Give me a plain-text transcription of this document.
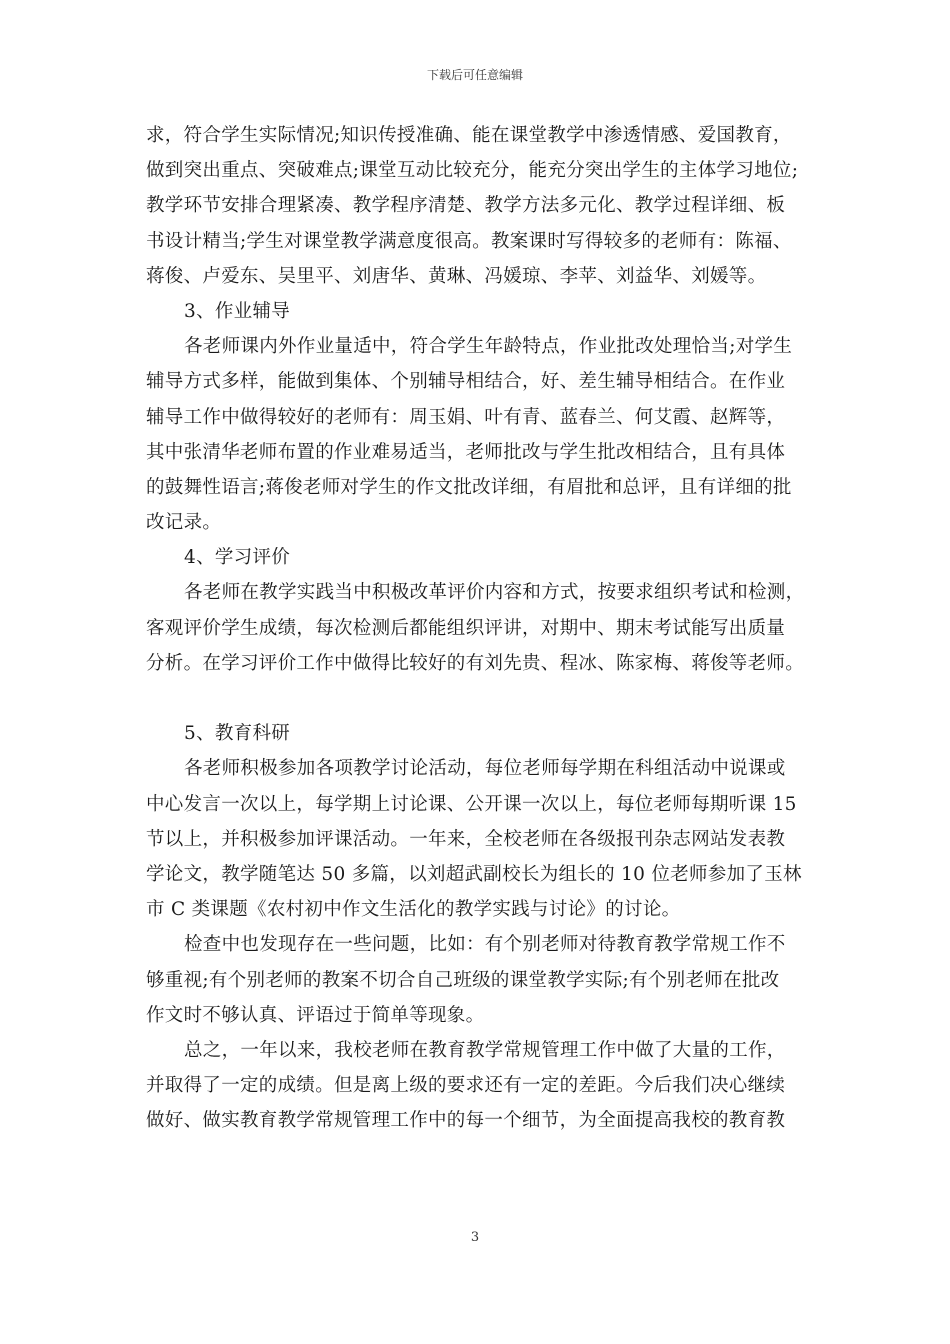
下载后可任意编辑
求，符合学生实际情况;知识传授准确、能在课堂教学中渗透情感、爱国教育，
做到突出重点、突破难点;课堂互动比较充分，能充分突出学生的主体学习地位;
教学环节安排合理紧凑、教学程序清楚、教学方法多元化、教学过程详细、板
书设计精当;学生对课堂教学满意度很高。教案课时写得较多的老师有：陈福、
蒋俊、卢爱东、吴里平、刘唐华、黄琳、冯媛琼、李苹、刘益华、刘媛等。
3、作业辅导
各老师课内外作业量适中，符合学生年龄特点，作业批改处理恰当;对学生
辅导方式多样，能做到集体、个别辅导相结合，好、差生辅导相结合。在作业
辅导工作中做得较好的老师有：周玉娟、叶有青、蓝春兰、何艾霞、赵辉等，
其中张清华老师布置的作业难易适当，老师批改与学生批改相结合，且有具体
的鼓舞性语言;蒋俊老师对学生的作文批改详细，有眉批和总评，且有详细的批
改记录。
4、学习评价
各老师在教学实践当中积极改革评价内容和方式，按要求组织考试和检测，
客观评价学生成绩，每次检测后都能组织评讲，对期中、期末考试能写出质量
分析。在学习评价工作中做得比较好的有刘先贵、程冰、陈家梅、蒋俊等老师。
5、教育科研
各老师积极参加各项教学讨论活动，每位老师每学期在科组活动中说课或
中心发言一次以上，每学期上讨论课、公开课一次以上，每位老师每期听课 15
节以上，并积极参加评课活动。一年来，全校老师在各级报刊杂志网站发表教
学论文，教学随笔达 50 多篇，以刘超武副校长为组长的 10 位老师参加了玉林
市 C 类课题《农村初中作文生活化的教学实践与讨论》的讨论。
检查中也发现存在一些问题，比如：有个别老师对待教育教学常规工作不
够重视;有个别老师的教案不切合自己班级的课堂教学实际;有个别老师在批改
作文时不够认真、评语过于简单等现象。
总之，一年以来，我校老师在教育教学常规管理工作中做了大量的工作，
并取得了一定的成绩。但是离上级的要求还有一定的差距。今后我们决心继续
做好、做实教育教学常规管理工作中的每一个细节，为全面提高我校的教育教
3
